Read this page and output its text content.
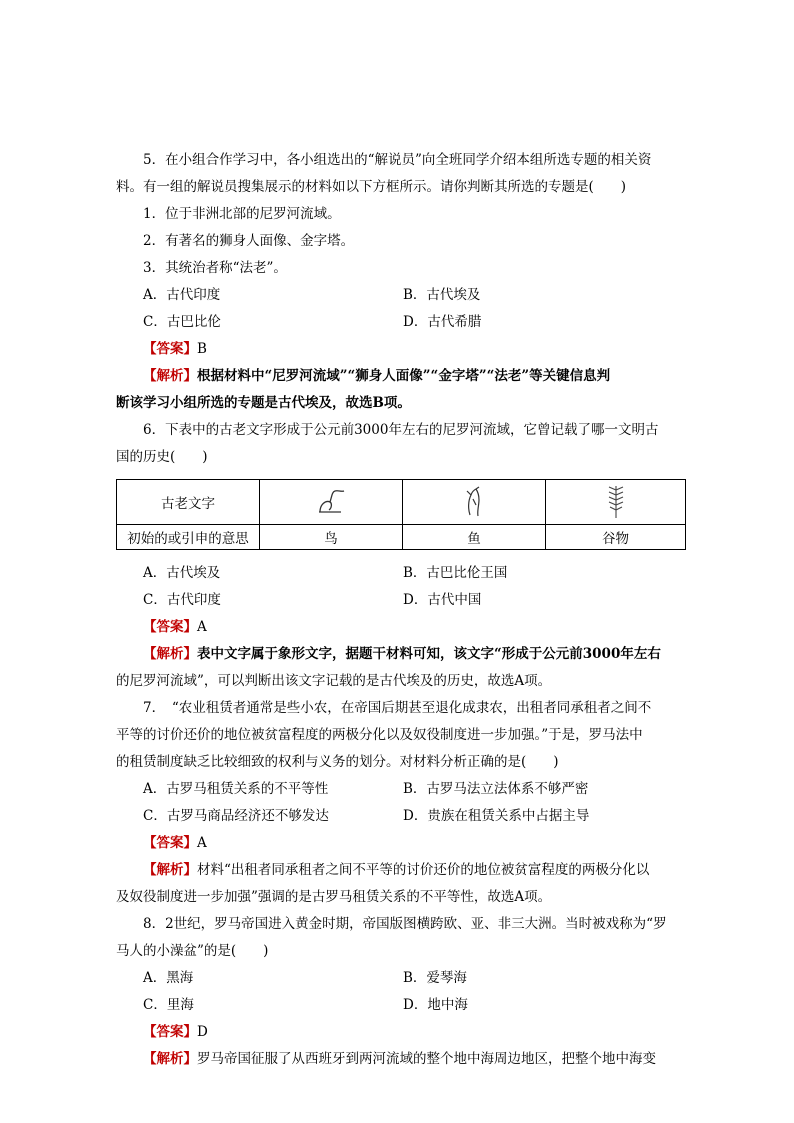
5．在小组合作学习中，各小组选出的“解说员”向全班同学介绍本组所选专题的相关资
料。有一组的解说员搜集展示的材料如以下方框所示。请你判断其所选的专题是(　　)
1．位于非洲北部的尼罗河流域。
2．有著名的狮身人面像、金字塔。
3．其统治者称“法老”。
A．古代印度	B．古代埃及
C．古巴比伦	D．古代希腊
【答案】B
【解析】根据材料中“尼罗河流域”“狮身人面像”“金字塔”“法老”等关键信息判
断该学习小组所选的专题是古代埃及，故选B项。
6．下表中的古老文字形成于公元前3000年左右的尼罗河流域，它曾记载了哪一文明古
国的历史(　　)
古老文字			
初始的或引申的意思	鸟	鱼	谷物
A．古代埃及	B．古巴比伦王国
C．古代印度	D．古代中国
【答案】A
【解析】表中文字属于象形文字，据题干材料可知，该文字“形成于公元前3000年左右
的尼罗河流域”，可以判断出该文字记载的是古代埃及的历史，故选A项。
7．　“农业租赁者通常是些小农，在帝国后期甚至退化成隶农，出租者同承租者之间不
平等的讨价还价的地位被贫富程度的两极分化以及奴役制度进一步加强。”于是，罗马法中
的租赁制度缺乏比较细致的权利与义务的划分。对材料分析正确的是(　　)
A．古罗马租赁关系的不平等性	B．古罗马法立法体系不够严密
C．古罗马商品经济还不够发达	D．贵族在租赁关系中占据主导
【答案】A
【解析】材料“出租者同承租者之间不平等的讨价还价的地位被贫富程度的两极分化以
及奴役制度进一步加强”强调的是古罗马租赁关系的不平等性，故选A项。
8．2世纪，罗马帝国进入黄金时期，帝国版图横跨欧、亚、非三大洲。当时被戏称为“罗
马人的小澡盆”的是(　　)
A．黑海	B．爱琴海
C．里海	D．地中海
【答案】D
【解析】罗马帝国征服了从西班牙到两河流域的整个地中海周边地区，把整个地中海变
